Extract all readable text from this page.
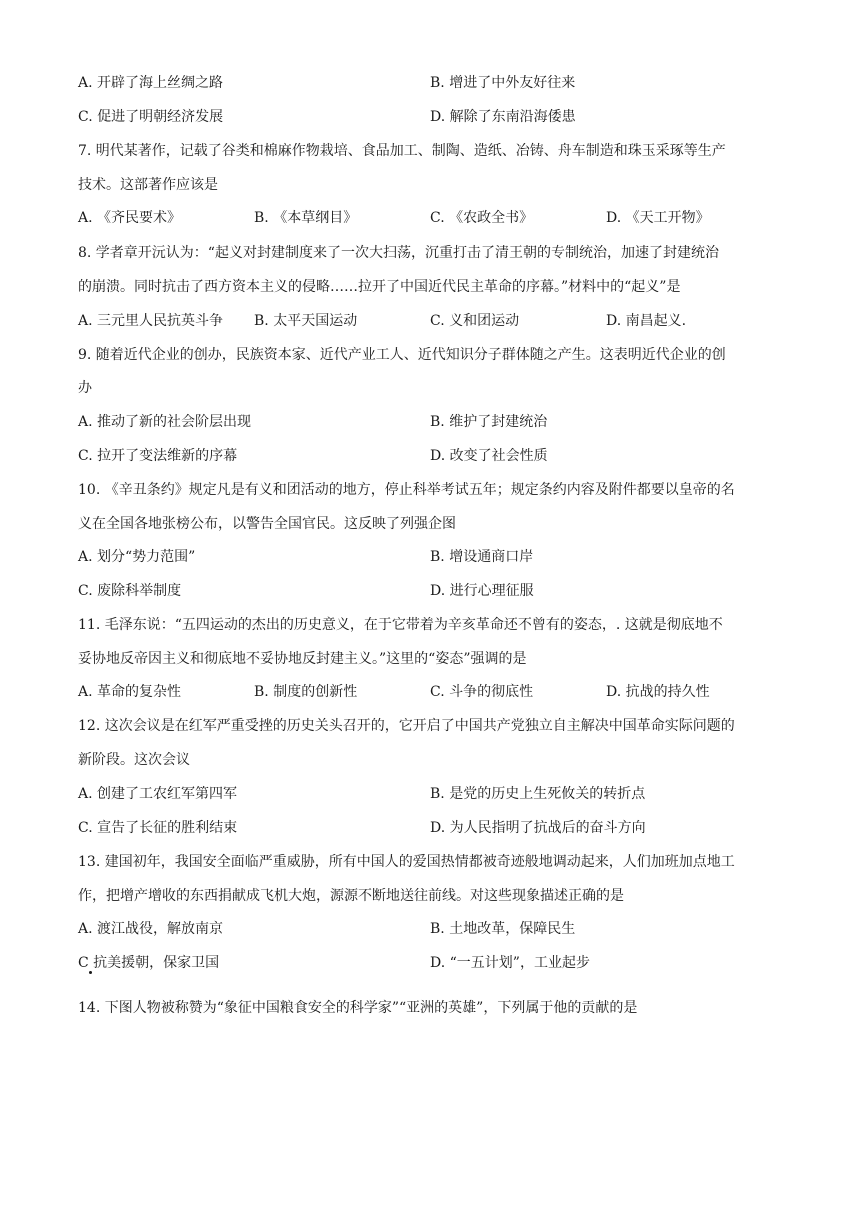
A. 开辟了海上丝绸之路	B. 增进了中外友好往来
C. 促进了明朝经济发展	D. 解除了东南沿海倭患
7. 明代某著作，记载了谷类和棉麻作物栽培、食品加工、制陶、造纸、冶铸、舟车制造和珠玉采琢等生产
技术。这部著作应该是
A. 《齐民要术》	B. 《本草纲目》	C. 《农政全书》	D. 《天工开物》
8. 学者章开沅认为：“起义对封建制度来了一次大扫荡，沉重打击了清王朝的专制统治，加速了封建统治
的崩溃。同时抗击了西方资本主义的侵略……拉开了中国近代民主革命的序幕。”材料中的“起义”是
A. 三元里人民抗英斗争 B. 太平天国运动	C. 义和团运动	D. 南昌起义.
9. 随着近代企业的创办，民族资本家、近代产业工人、近代知识分子群体随之产生。这表明近代企业的创
办
A. 推动了新的社会阶层出现	B. 维护了封建统治
C. 拉开了变法维新的序幕	D. 改变了社会性质
10. 《辛丑条约》规定凡是有义和团活动的地方，停止科举考试五年；规定条约内容及附件都要以皇帝的名
义在全国各地张榜公布，以警告全国官民。这反映了列强企图
A. 划分“势力范围”	B. 增设通商口岸
C. 废除科举制度	D. 进行心理征服
11. 毛泽东说：“五四运动的杰出的历史意义，在于它带着为辛亥革命还不曾有的姿态，. 这就是彻底地不
妥协地反帝因主义和彻底地不妥协地反封建主义。”这里的“姿态”强调的是
A. 革命的复杂性	B. 制度的创新性	C. 斗争的彻底性	D. 抗战的持久性
12. 这次会议是在红军严重受挫的历史关头召开的，它开启了中国共产党独立自主解决中国革命实际问题的
新阶段。这次会议
A. 创建了工农红军第四军	B. 是党的历史上生死攸关的转折点
C. 宣告了长征的胜利结束	D. 为人民指明了抗战后的奋斗方向
13. 建国初年，我国安全面临严重威胁，所有中国人的爱国热情都被奇迹般地调动起来，人们加班加点地工
作，把增产增收的东西捐献成飞机大炮，源源不断地送往前线。对这些现象描述正确的是
A. 渡江战役，解放南京	B. 土地改革，保障民生
C 抗美援朝，保家卫国	D. “一五计划”，工业起步
14. 下图人物被称赞为“象征中国粮食安全的科学家”“亚洲的英雄”，下列属于他的贡献的是
